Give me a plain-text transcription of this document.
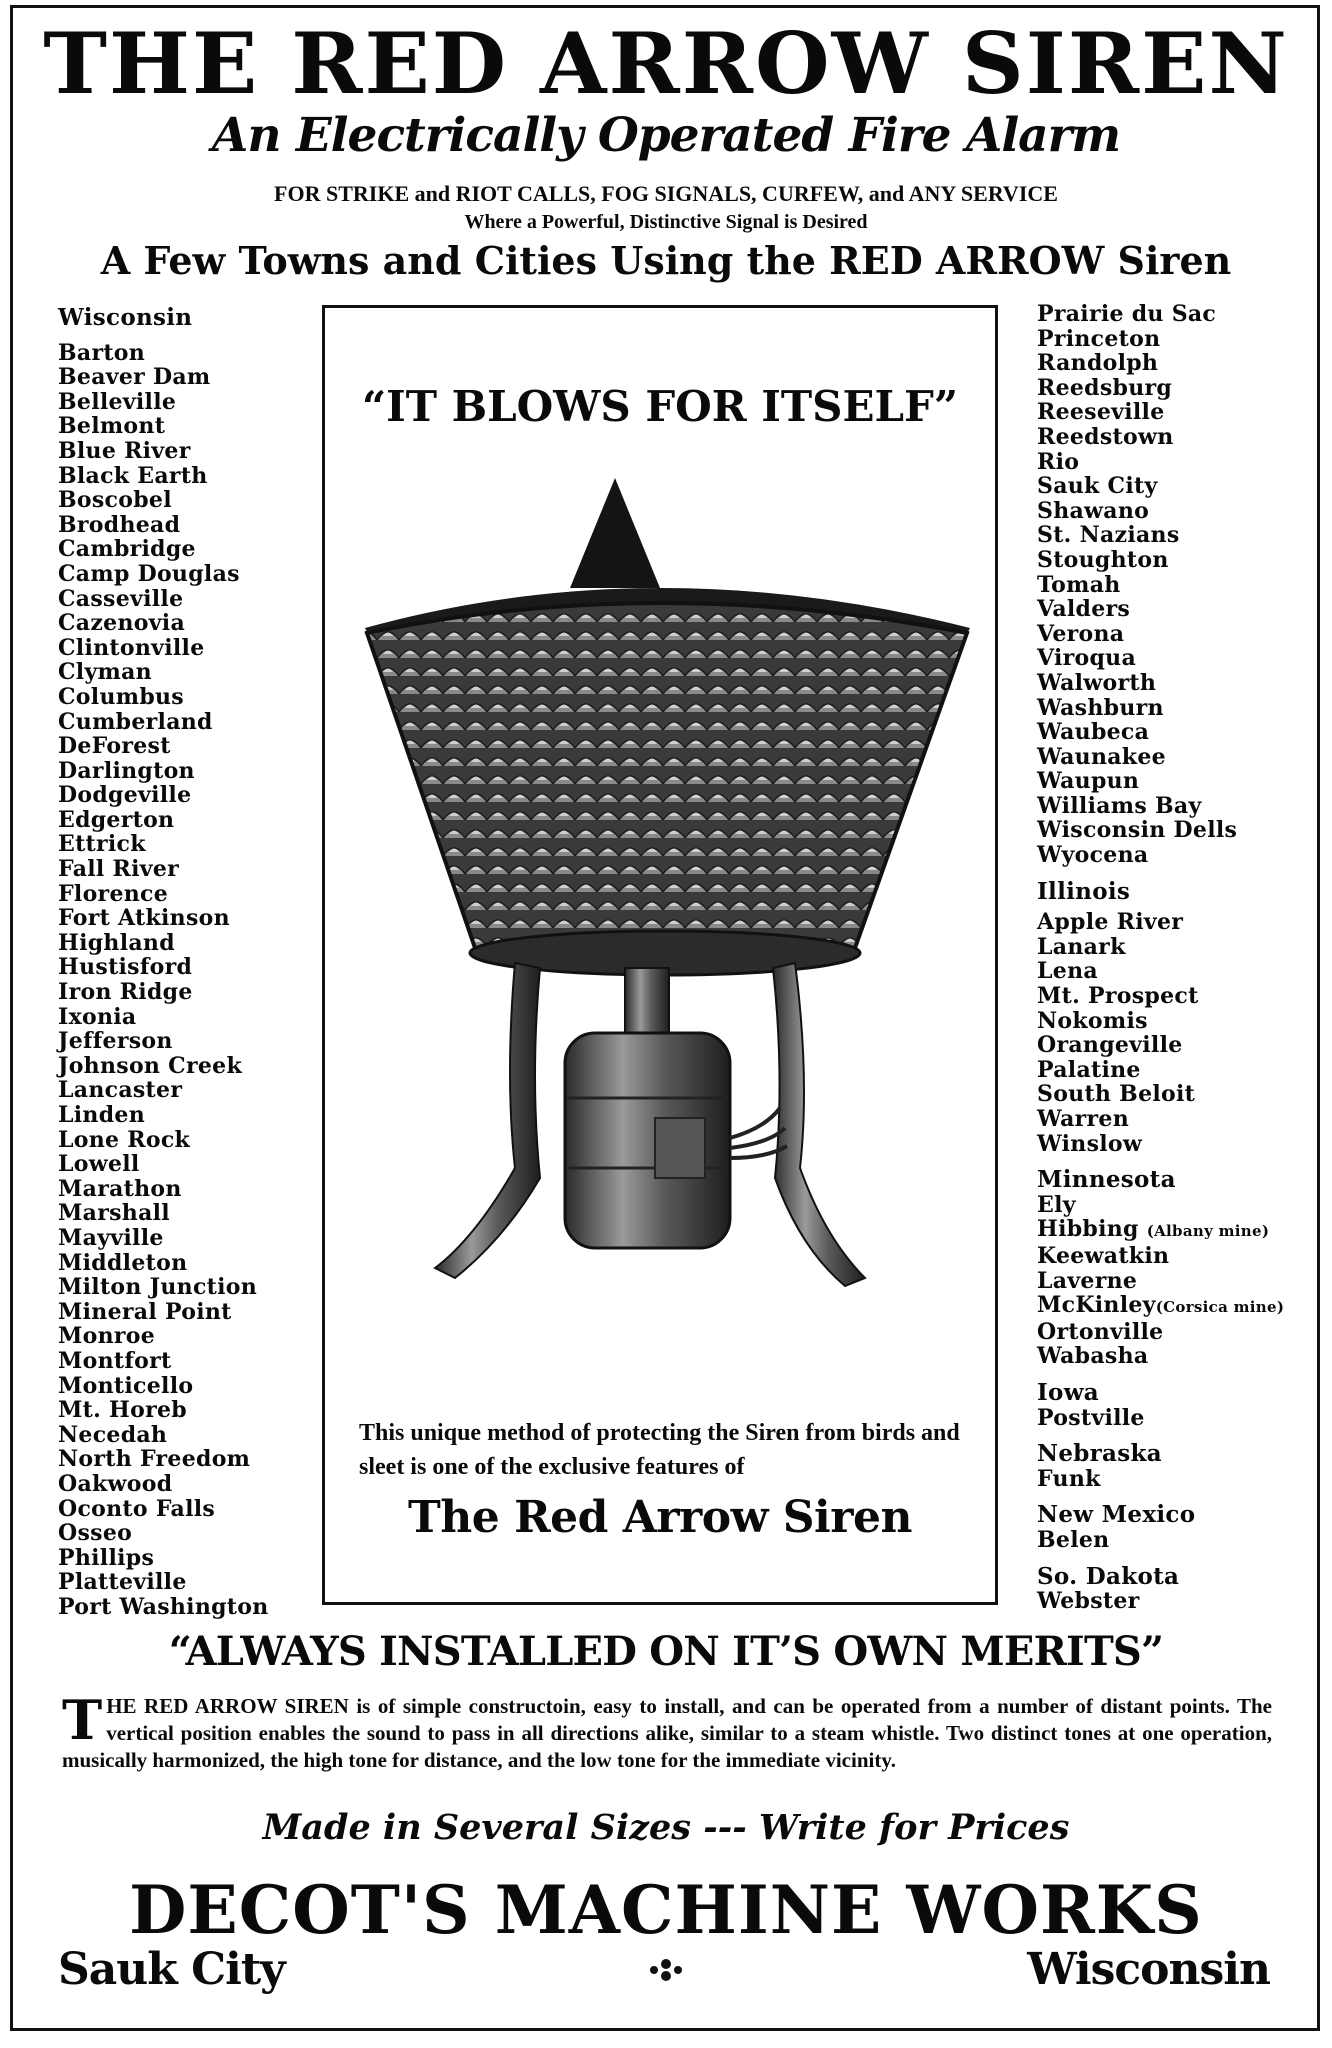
THE RED ARROW SIREN
An Electrically Operated Fire Alarm
FOR STRIKE and RIOT CALLS, FOG SIGNALS, CURFEW, and ANY SERVICE
Where a Powerful, Distinctive Signal is Desired
A Few Towns and Cities Using the RED ARROW Siren
Wisconsin
Barton
Beaver Dam
Belleville
Belmont
Blue River
Black Earth
Boscobel
Brodhead
Cambridge
Camp Douglas
Casseville
Cazenovia
Clintonville
Clyman
Columbus
Cumberland
DeForest
Darlington
Dodgeville
Edgerton
Ettrick
Fall River
Florence
Fort Atkinson
Highland
Hustisford
Iron Ridge
Ixonia
Jefferson
Johnson Creek
Lancaster
Linden
Lone Rock
Lowell
Marathon
Marshall
Mayville
Middleton
Milton Junction
Mineral Point
Monroe
Montfort
Monticello
Mt. Horeb
Necedah
North Freedom
Oakwood
Oconto Falls
Osseo
Phillips
Platteville
Port Washington
Prairie du Sac
Princeton
Randolph
Reedsburg
Reeseville
Reedstown
Rio
Sauk City
Shawano
St. Nazians
Stoughton
Tomah
Valders
Verona
Viroqua
Walworth
Washburn
Waubeca
Waunakee
Waupun
Williams Bay
Wisconsin Dells
Wyocena
Illinois
Apple River
Lanark
Lena
Mt. Prospect
Nokomis
Orangeville
Palatine
South Beloit
Warren
Winslow
Minnesota
Ely
Hibbing (Albany mine)
Keewatkin
Laverne
McKinley(Corsica mine)
Ortonville
Wabasha
Iowa
Postville
Nebraska
Funk
New Mexico
Belen
So. Dakota
Webster
“IT BLOWS FOR ITSELF”
This unique method of protecting the Siren from birds and sleet is one of the exclusive features of
The Red Arrow Siren
“ALWAYS INSTALLED ON IT’S OWN MERITS”
THE RED ARROW SIREN is of simple constructoin, easy to install, and can be operated from a number of distant points. The vertical position enables the sound to pass in all directions alike, similar to a steam whistle. Two distinct tones at one operation, musically harmonized, the high tone for distance, and the low tone for the immediate vicinity.
Made in Several Sizes --- Write for Prices
DECOT'S MACHINE WORKS
Sauk City	Wisconsin
